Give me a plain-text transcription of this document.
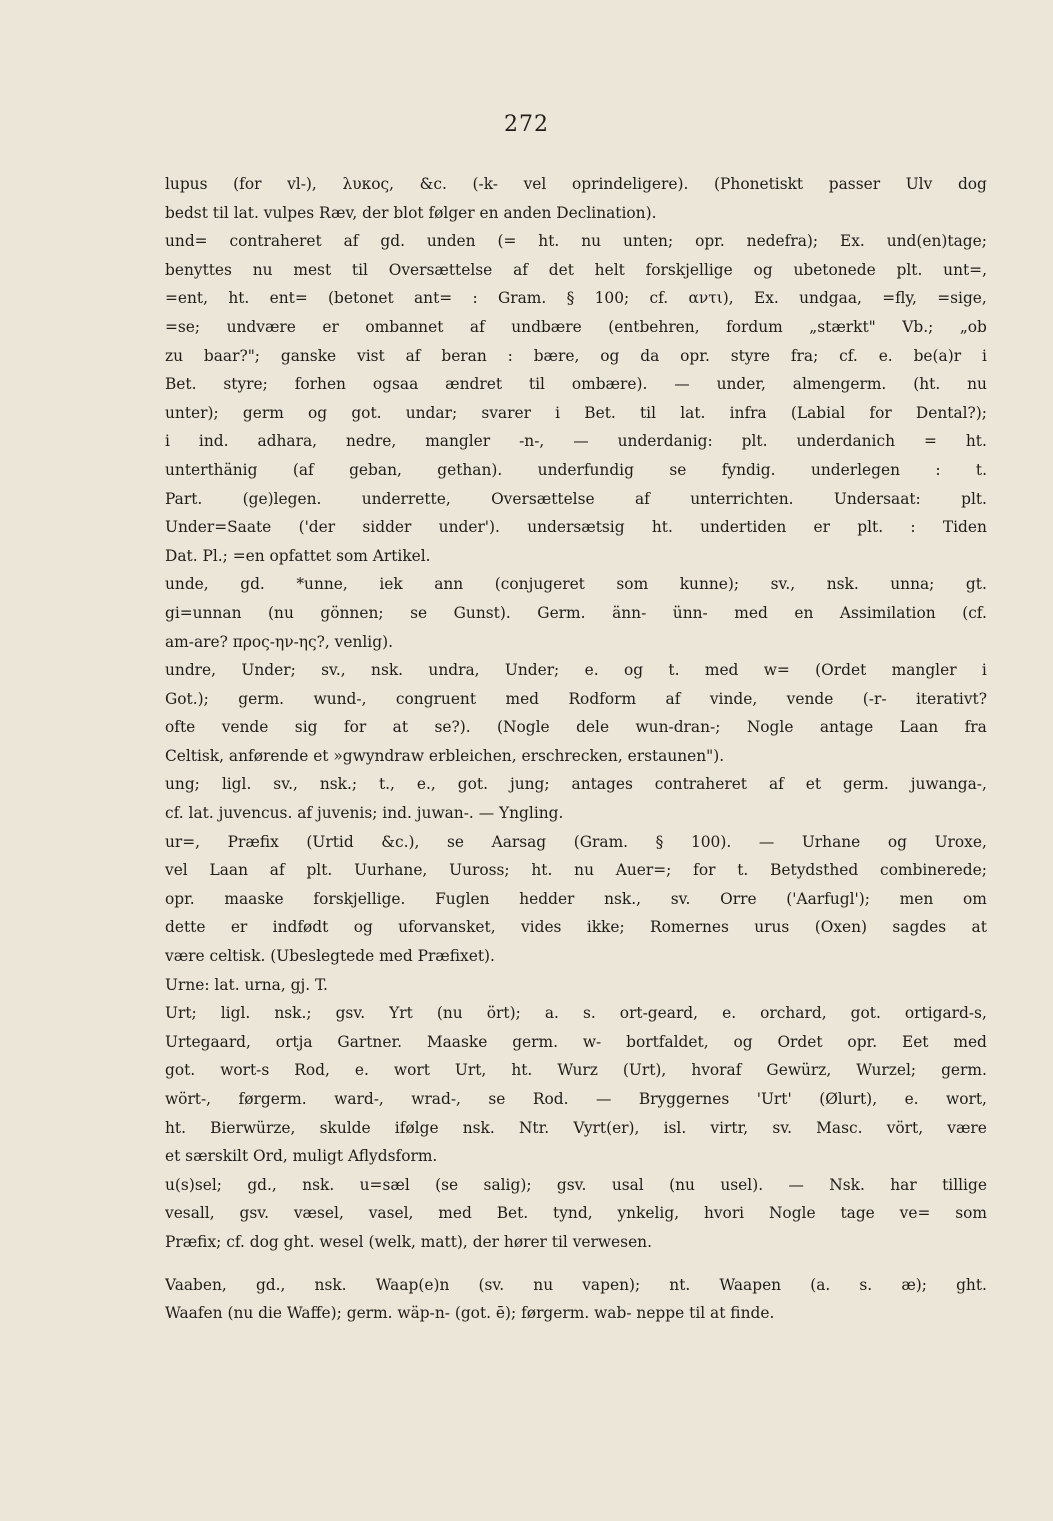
272
lupus (for vl-), λυκος, &c. (-k- vel oprindeligere). (Phonetiskt passer Ulv dog
bedst til lat. vulpes Ræv, der blot følger en anden Declination).
und= contraheret af gd. unden (= ht. nu unten; opr. nedefra); Ex. und(en)tage;
benyttes nu mest til Oversættelse af det helt forskjellige og ubetonede plt. unt=,
=ent, ht. ent= (betonet ant= : Gram. § 100; cf. αντι), Ex. undgaa, =fly, =sige,
=se; undvære er ombannet af undbære (entbehren, fordum „stærkt" Vb.; „ob
zu baar?"; ganske vist af beran : bære, og da opr. styre fra; cf. e. be(a)r i
Bet. styre; forhen ogsaa ændret til ombære). — under, almengerm. (ht. nu
unter); germ og got. undar; svarer i Bet. til lat. infra (Labial for Dental?);
i ind. adhara, nedre, mangler -n-, — underdanig: plt. underdanich = ht.
unterthänig (af geban, gethan). underfundig se fyndig. underlegen : t.
Part.	(ge)legen.	underrette,	Oversættelse	af	unterrichten.	Undersaat:	plt.
Under=Saate ('der sidder under'). undersætsig ht. undertiden er plt. : Tiden
Dat. Pl.; =en opfattet som Artikel.
unde, gd. *unne, iek ann (conjugeret som kunne); sv., nsk. unna; gt.
gi=unnan (nu gönnen; se Gunst). Germ. änn- ünn- med en Assimilation (cf.
am-are? προς-ην-ης?, venlig).
undre, Under; sv., nsk. undra, Under; e. og t. med w= (Ordet mangler i
Got.); germ. wund-, congruent med Rodform af vinde, vende (-r- iterativt?
ofte vende sig for at se?). (Nogle dele wun-dran-; Nogle antage Laan fra
Celtisk, anførende et »gwyndraw erbleichen, erschrecken, erstaunen").
ung; ligl. sv., nsk.; t., e., got. jung; antages contraheret af et germ. juwanga-,
cf. lat. juvencus. af juvenis; ind. juwan-. — Yngling.
ur=, Præfix (Urtid &c.), se Aarsag (Gram. § 100). — Urhane og Uroxe,
vel Laan af plt. Uurhane, Uuross; ht. nu Auer=; for t. Betydsthed combinerede;
opr. maaske forskjellige. Fuglen hedder nsk., sv. Orre ('Aarfugl'); men om
dette er indfødt og uforvansket, vides ikke; Romernes urus (Oxen) sagdes at
være celtisk. (Ubeslegtede med Præfixet).
Urne: lat. urna, gj. T.
Urt; ligl. nsk.; gsv. Yrt (nu ört); a. s. ort-geard, e. orchard, got. ortigard-s,
Urtegaard, ortja Gartner. Maaske germ. w- bortfaldet, og Ordet opr. Eet med
got. wort-s Rod, e. wort Urt, ht. Wurz (Urt), hvoraf Gewürz, Wurzel; germ.
wört-, førgerm. ward-, wrad-, se Rod. — Bryggernes 'Urt' (Ølurt), e. wort,
ht. Bierwürze, skulde ifølge nsk. Ntr. Vyrt(er), isl. virtr, sv. Masc. vört, være
et særskilt Ord, muligt Aflydsform.
u(s)sel; gd., nsk. u=sæl (se salig); gsv. usal (nu usel). — Nsk. har tillige
vesall, gsv. væsel, vasel, med Bet. tynd, ynkelig, hvori Nogle tage ve= som
Præfix; cf. dog ght. wesel (welk, matt), der hører til verwesen.
Vaaben, gd., nsk. Waap(e)n (sv. nu vapen); nt. Waapen (a. s. æ); ght.
Waafen (nu die Waffe); germ. wäp-n- (got. ē); førgerm. wab- neppe til at finde.
